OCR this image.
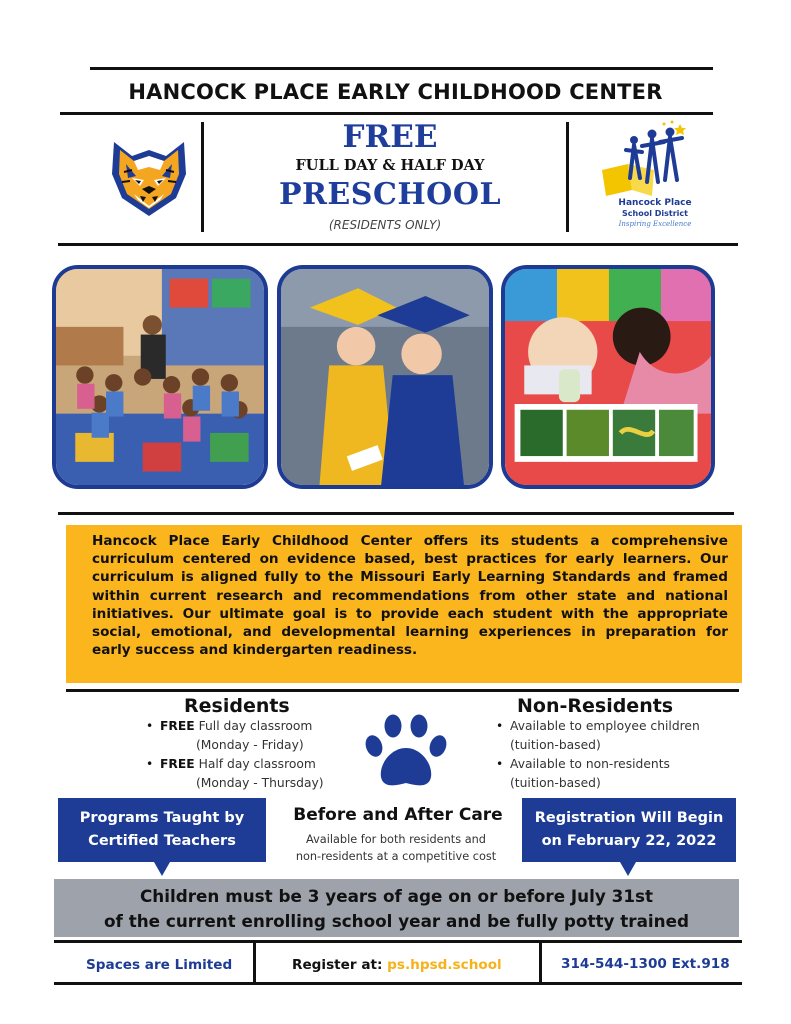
HANCOCK PLACE EARLY CHILDHOOD CENTER
FREE
FULL DAY & HALF DAY
PRESCHOOL
(RESIDENTS ONLY)
Hancock Place
School District
Inspiring Excellence
Hancock Place Early Childhood Center offers its students a comprehensive curriculum centered on evidence based, best practices for early learners. Our curriculum is aligned fully to the Missouri Early Learning Standards and framed within current research and recommendations from other state and national initiatives. Our ultimate goal is to provide each student with the appropriate social, emotional, and developmental learning experiences in preparation for early success and kindergarten readiness.
Residents
• FREE Full day classroom
(Monday - Friday)
• FREE Half day classroom
(Monday - Thursday)
Non-Residents
• Available to employee children
(tuition-based)
• Available to non-residents
(tuition-based)
Programs Taught by
Certified Teachers
Before and After Care
Available for both residents and
non-residents at a competitive cost
Registration Will Begin
on February 22, 2022
Children must be 3 years of age on or before July 31st
of the current enrolling school year and be fully potty trained
Spaces are Limited	Register at: ps.hpsd.school	314-544-1300 Ext.918
